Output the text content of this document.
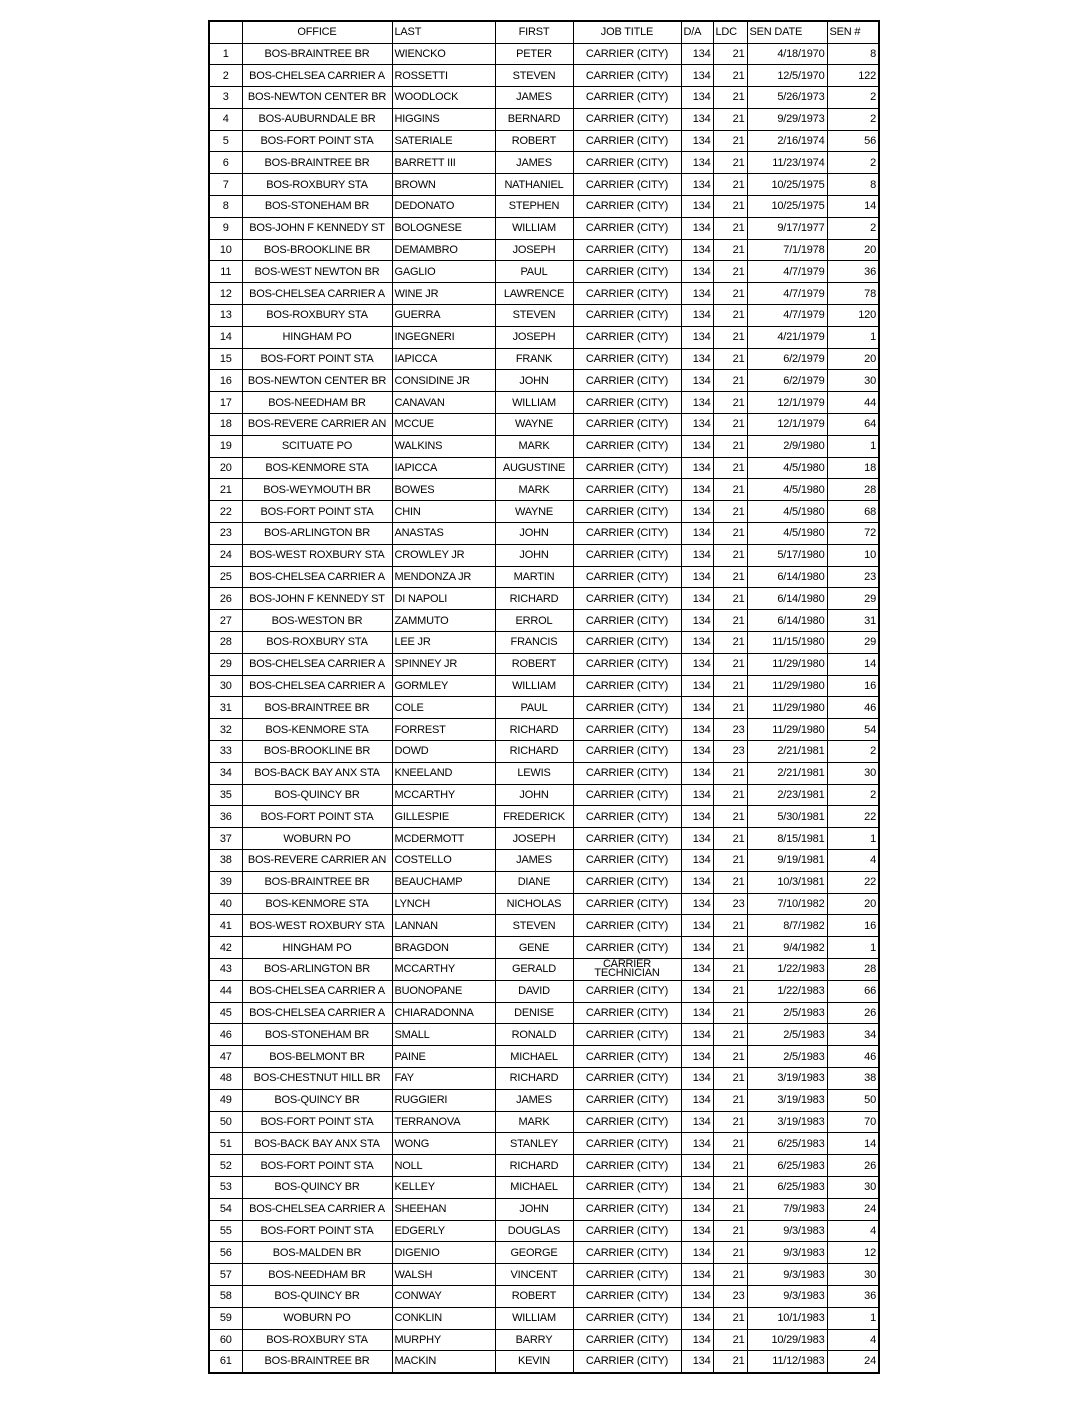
	OFFICE	LAST	FIRST	JOB TITLE	D/A	LDC	SEN DATE	SEN #
1	BOS-BRAINTREE BR	WIENCKO	PETER	CARRIER (CITY)	134	21	4/18/1970	8
2	BOS-CHELSEA CARRIER A	ROSSETTI	STEVEN	CARRIER (CITY)	134	21	12/5/1970	122
3	BOS-NEWTON CENTER BR	WOODLOCK	JAMES	CARRIER (CITY)	134	21	5/26/1973	2
4	BOS-AUBURNDALE BR	HIGGINS	BERNARD	CARRIER (CITY)	134	21	9/29/1973	2
5	BOS-FORT POINT STA	SATERIALE	ROBERT	CARRIER (CITY)	134	21	2/16/1974	56
6	BOS-BRAINTREE BR	BARRETT III	JAMES	CARRIER (CITY)	134	21	11/23/1974	2
7	BOS-ROXBURY STA	BROWN	NATHANIEL	CARRIER (CITY)	134	21	10/25/1975	8
8	BOS-STONEHAM BR	DEDONATO	STEPHEN	CARRIER (CITY)	134	21	10/25/1975	14
9	BOS-JOHN F KENNEDY ST	BOLOGNESE	WILLIAM	CARRIER (CITY)	134	21	9/17/1977	2
10	BOS-BROOKLINE BR	DEMAMBRO	JOSEPH	CARRIER (CITY)	134	21	7/1/1978	20
11	BOS-WEST NEWTON BR	GAGLIO	PAUL	CARRIER (CITY)	134	21	4/7/1979	36
12	BOS-CHELSEA CARRIER A	WINE JR	LAWRENCE	CARRIER (CITY)	134	21	4/7/1979	78
13	BOS-ROXBURY STA	GUERRA	STEVEN	CARRIER (CITY)	134	21	4/7/1979	120
14	HINGHAM PO	INGEGNERI	JOSEPH	CARRIER (CITY)	134	21	4/21/1979	1
15	BOS-FORT POINT STA	IAPICCA	FRANK	CARRIER (CITY)	134	21	6/2/1979	20
16	BOS-NEWTON CENTER BR	CONSIDINE JR	JOHN	CARRIER (CITY)	134	21	6/2/1979	30
17	BOS-NEEDHAM BR	CANAVAN	WILLIAM	CARRIER (CITY)	134	21	12/1/1979	44
18	BOS-REVERE CARRIER AN	MCCUE	WAYNE	CARRIER (CITY)	134	21	12/1/1979	64
19	SCITUATE PO	WALKINS	MARK	CARRIER (CITY)	134	21	2/9/1980	1
20	BOS-KENMORE STA	IAPICCA	AUGUSTINE	CARRIER (CITY)	134	21	4/5/1980	18
21	BOS-WEYMOUTH BR	BOWES	MARK	CARRIER (CITY)	134	21	4/5/1980	28
22	BOS-FORT POINT STA	CHIN	WAYNE	CARRIER (CITY)	134	21	4/5/1980	68
23	BOS-ARLINGTON BR	ANASTAS	JOHN	CARRIER (CITY)	134	21	4/5/1980	72
24	BOS-WEST ROXBURY STA	CROWLEY JR	JOHN	CARRIER (CITY)	134	21	5/17/1980	10
25	BOS-CHELSEA CARRIER A	MENDONZA JR	MARTIN	CARRIER (CITY)	134	21	6/14/1980	23
26	BOS-JOHN F KENNEDY ST	DI NAPOLI	RICHARD	CARRIER (CITY)	134	21	6/14/1980	29
27	BOS-WESTON BR	ZAMMUTO	ERROL	CARRIER (CITY)	134	21	6/14/1980	31
28	BOS-ROXBURY STA	LEE JR	FRANCIS	CARRIER (CITY)	134	21	11/15/1980	29
29	BOS-CHELSEA CARRIER A	SPINNEY JR	ROBERT	CARRIER (CITY)	134	21	11/29/1980	14
30	BOS-CHELSEA CARRIER A	GORMLEY	WILLIAM	CARRIER (CITY)	134	21	11/29/1980	16
31	BOS-BRAINTREE BR	COLE	PAUL	CARRIER (CITY)	134	21	11/29/1980	46
32	BOS-KENMORE STA	FORREST	RICHARD	CARRIER (CITY)	134	23	11/29/1980	54
33	BOS-BROOKLINE BR	DOWD	RICHARD	CARRIER (CITY)	134	23	2/21/1981	2
34	BOS-BACK BAY ANX STA	KNEELAND	LEWIS	CARRIER (CITY)	134	21	2/21/1981	30
35	BOS-QUINCY BR	MCCARTHY	JOHN	CARRIER (CITY)	134	21	2/23/1981	2
36	BOS-FORT POINT STA	GILLESPIE	FREDERICK	CARRIER (CITY)	134	21	5/30/1981	22
37	WOBURN PO	MCDERMOTT	JOSEPH	CARRIER (CITY)	134	21	8/15/1981	1
38	BOS-REVERE CARRIER AN	COSTELLO	JAMES	CARRIER (CITY)	134	21	9/19/1981	4
39	BOS-BRAINTREE BR	BEAUCHAMP	DIANE	CARRIER (CITY)	134	21	10/3/1981	22
40	BOS-KENMORE STA	LYNCH	NICHOLAS	CARRIER (CITY)	134	23	7/10/1982	20
41	BOS-WEST ROXBURY STA	LANNAN	STEVEN	CARRIER (CITY)	134	21	8/7/1982	16
42	HINGHAM PO	BRAGDON	GENE	CARRIER (CITY)	134	21	9/4/1982	1
43	BOS-ARLINGTON BR	MCCARTHY	GERALD	CARRIER TECHNICIAN	134	21	1/22/1983	28
44	BOS-CHELSEA CARRIER A	BUONOPANE	DAVID	CARRIER (CITY)	134	21	1/22/1983	66
45	BOS-CHELSEA CARRIER A	CHIARADONNA	DENISE	CARRIER (CITY)	134	21	2/5/1983	26
46	BOS-STONEHAM BR	SMALL	RONALD	CARRIER (CITY)	134	21	2/5/1983	34
47	BOS-BELMONT BR	PAINE	MICHAEL	CARRIER (CITY)	134	21	2/5/1983	46
48	BOS-CHESTNUT HILL BR	FAY	RICHARD	CARRIER (CITY)	134	21	3/19/1983	38
49	BOS-QUINCY BR	RUGGIERI	JAMES	CARRIER (CITY)	134	21	3/19/1983	50
50	BOS-FORT POINT STA	TERRANOVA	MARK	CARRIER (CITY)	134	21	3/19/1983	70
51	BOS-BACK BAY ANX STA	WONG	STANLEY	CARRIER (CITY)	134	21	6/25/1983	14
52	BOS-FORT POINT STA	NOLL	RICHARD	CARRIER (CITY)	134	21	6/25/1983	26
53	BOS-QUINCY BR	KELLEY	MICHAEL	CARRIER (CITY)	134	21	6/25/1983	30
54	BOS-CHELSEA CARRIER A	SHEEHAN	JOHN	CARRIER (CITY)	134	21	7/9/1983	24
55	BOS-FORT POINT STA	EDGERLY	DOUGLAS	CARRIER (CITY)	134	21	9/3/1983	4
56	BOS-MALDEN BR	DIGENIO	GEORGE	CARRIER (CITY)	134	21	9/3/1983	12
57	BOS-NEEDHAM BR	WALSH	VINCENT	CARRIER (CITY)	134	21	9/3/1983	30
58	BOS-QUINCY BR	CONWAY	ROBERT	CARRIER (CITY)	134	23	9/3/1983	36
59	WOBURN PO	CONKLIN	WILLIAM	CARRIER (CITY)	134	21	10/1/1983	1
60	BOS-ROXBURY STA	MURPHY	BARRY	CARRIER (CITY)	134	21	10/29/1983	4
61	BOS-BRAINTREE BR	MACKIN	KEVIN	CARRIER (CITY)	134	21	11/12/1983	24
